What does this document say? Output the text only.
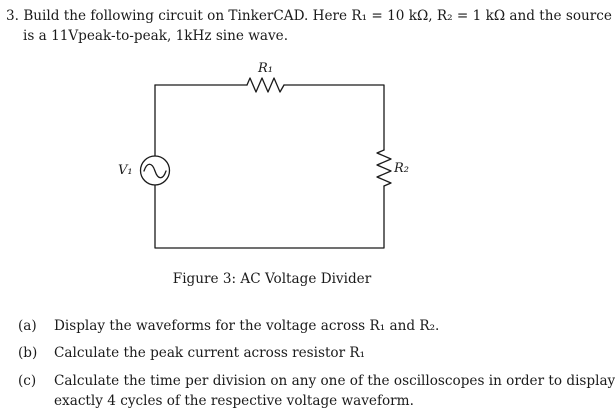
3. Build the following circuit on TinkerCAD. Here R₁ = 10 kΩ, R₂ = 1 kΩ and the source
is a 11Vpeak-to-peak, 1kHz sine wave.
R₁
R₂
V₁
Figure 3: AC Voltage Divider
(a) Display the waveforms for the voltage across R₁ and R₂.
(b) Calculate the peak current across resistor R₁
(c) Calculate the time per division on any one of the oscilloscopes in order to display
exactly 4 cycles of the respective voltage waveform.
